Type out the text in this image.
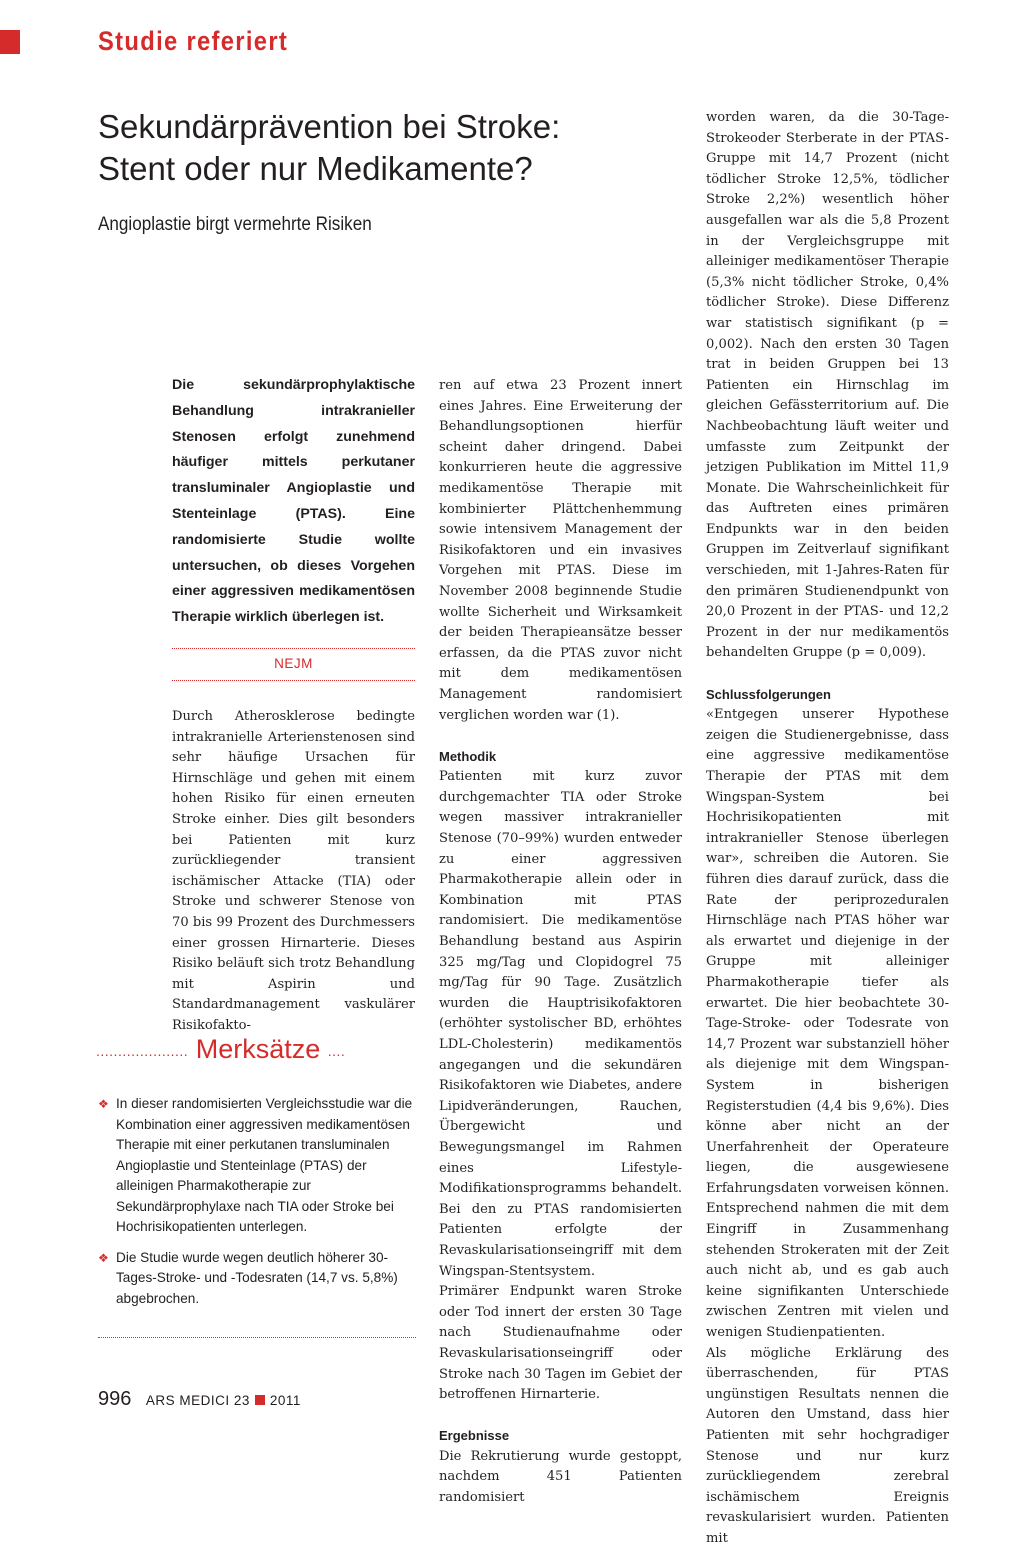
Studie referiert
Sekundärprävention bei Stroke:
Stent oder nur Medikamente?
Angioplastie birgt vermehrte Risiken
Die sekundärprophylaktische Behandlung intrakranieller Stenosen erfolgt zunehmend häufiger mittels perkutaner transluminaler Angioplastie und Stenteinlage (PTAS). Eine randomisierte Studie wollte untersuchen, ob dieses Vorgehen einer aggressiven medikamentösen Therapie wirklich überlegen ist.
NEJM

Durch Atherosklerose bedingte intrakranielle Arterienstenosen sind sehr häufige Ursachen für Hirnschläge und gehen mit einem hohen Risiko für einen erneuten Stroke einher. Dies gilt besonders bei Patienten mit kurz zurückliegender transient ischämischer Attacke (TIA) oder Stroke und schwerer Stenose von 70 bis 99 Prozent des Durchmessers einer grossen Hirnarterie. Dieses Risiko beläuft sich trotz Behandlung mit Aspirin und Standardmanagement vaskulärer Risikofakto-

ren auf etwa 23 Prozent innert eines Jahres. Eine Erweiterung der Behandlungsoptionen hierfür scheint daher dringend. Dabei konkurrieren heute die aggressive medikamentöse Therapie mit kombinierter Plättchenhemmung sowie intensivem Management der Risikofaktoren und ein invasives Vorgehen mit PTAS. Diese im November 2008 beginnende Studie wollte Sicherheit und Wirksamkeit der beiden Therapieansätze besser erfassen, da die PTAS zuvor nicht mit dem medikamentösen Management randomisiert verglichen worden war (1).

Methodik

Patienten mit kurz zuvor durchgemachter TIA oder Stroke wegen massiver intrakranieller Stenose (70–99%) wurden entweder zu einer aggressiven Pharmakotherapie allein oder in Kombination mit PTAS randomisiert. Die medikamentöse Behandlung bestand aus Aspirin 325 mg/Tag und Clopidogrel 75 mg/Tag für 90 Tage. Zusätzlich wurden die Hauptrisikofaktoren (erhöhter systolischer BD, erhöhtes LDL-Cholesterin) medikamentös angegangen und die sekundären Risikofaktoren wie Diabetes, andere Lipidveränderungen, Rauchen, Übergewicht und Bewegungsmangel im Rahmen eines Lifestyle-Modifikationsprogramms behandelt. Bei den zu PTAS randomisierten Patienten erfolgte der Revaskularisationseingriff mit dem Wingspan-Stentsystem.

Primärer Endpunkt waren Stroke oder Tod innert der ersten 30 Tage nach Studienaufnahme oder Revaskularisationseingriff oder Stroke nach 30 Tagen im Gebiet der betroffenen Hirnarterie.

Ergebnisse

Die Rekrutierung wurde gestoppt, nachdem 451 Patienten randomisiert

worden waren, da die 30-Tage-Strokeoder Sterberate in der PTAS-Gruppe mit 14,7 Prozent (nicht tödlicher Stroke 12,5%, tödlicher Stroke 2,2%) wesentlich höher ausgefallen war als die 5,8 Prozent in der Vergleichsgruppe mit alleiniger medikamentöser Therapie (5,3% nicht tödlicher Stroke, 0,4% tödlicher Stroke). Diese Differenz war statistisch signifikant (p = 0,002). Nach den ersten 30 Tagen trat in beiden Gruppen bei 13 Patienten ein Hirnschlag im gleichen Gefässterritorium auf. Die Nachbeobachtung läuft weiter und umfasste zum Zeitpunkt der jetzigen Publikation im Mittel 11,9 Monate. Die Wahrscheinlichkeit für das Auftreten eines primären Endpunkts war in den beiden Gruppen im Zeitverlauf signifikant verschieden, mit 1-Jahres-Raten für den primären Studienendpunkt von 20,0 Prozent in der PTAS- und 12,2 Prozent in der nur medikamentös behandelten Gruppe (p = 0,009).

Schlussfolgerungen

«Entgegen unserer Hypothese zeigen die Studienergebnisse, dass eine aggressive medikamentöse Therapie der PTAS mit dem Wingspan-System bei Hochrisikopatienten mit intrakranieller Stenose überlegen war», schreiben die Autoren. Sie führen dies darauf zurück, dass die Rate der periprozeduralen Hirnschläge nach PTAS höher war als erwartet und diejenige in der Gruppe mit alleiniger Pharmakotherapie tiefer als erwartet. Die hier beobachtete 30-Tage-Stroke- oder Todesrate von 14,7 Prozent war substanziell höher als diejenige mit dem Wingspan-System in bisherigen Registerstudien (4,4 bis 9,6%). Dies könne aber nicht an der Unerfahrenheit der Operateure liegen, die ausgewiesene Erfahrungsdaten vorweisen können. Entsprechend nahmen die mit dem Eingriff in Zusammenhang stehenden Strokeraten mit der Zeit auch nicht ab, und es gab auch keine signifikanten Unterschiede zwischen Zentren mit vielen und wenigen Studienpatienten.

Als mögliche Erklärung des überraschenden, für PTAS ungünstigen Resultats nennen die Autoren den Umstand, dass hier Patienten mit sehr hochgradiger Stenose und nur kurz zurückliegendem zerebral ischämischem Ereignis revaskularisiert wurden. Patienten mit

..................... Merksätze ....
❖ In dieser randomisierten Vergleichsstudie war die Kombination einer aggressiven medikamentösen Therapie mit einer perkutanen transluminalen Angioplastie und Stenteinlage (PTAS) der alleinigen Pharmakotherapie zur Sekundärprophylaxe nach TIA oder Stroke bei Hochrisikopatienten unterlegen.
❖ Die Studie wurde wegen deutlich höherer 30-Tages-Stroke- und -Todesraten (14,7 vs. 5,8%) abgebrochen.
996 ARS MEDICI 23 2011
